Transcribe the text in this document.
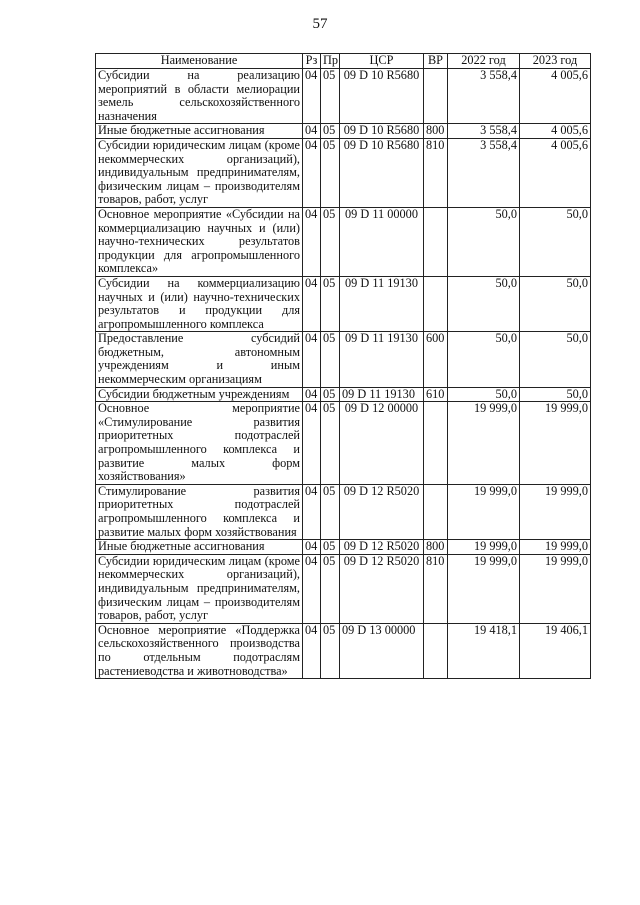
57
Наименование	Рз	Пр	ЦСР	ВР	2022 год	2023 год
Субсидии на реализацию мероприятий в области мелиорации земель сельскохозяйственного назначения	04	05	09 D 10 R5680		3 558,4	4 005,6
Иные бюджетные ассигнования	04	05	09 D 10 R5680	800	3 558,4	4 005,6
Субсидии юридическим лицам (кроме некоммерческих организаций), индивидуальным предпринимателям, физическим лицам – производителям товаров, работ, услуг	04	05	09 D 10 R5680	810	3 558,4	4 005,6
Основное мероприятие «Субсидии на коммерциализацию научных и (или) научно-технических результатов продукции для агропромышленного комплекса»	04	05	09 D 11 00000		50,0	50,0
Субсидии на коммерциализацию научных и (или) научно-технических результатов и продукции для агропромышленного комплекса	04	05	09 D 11 19130		50,0	50,0
Предоставление субсидий бюджетным, автономным учреждениям и иным некоммерческим организациям	04	05	09 D 11 19130	600	50,0	50,0
Субсидии бюджетным учреждениям	04	05	09 D 11 19130	610	50,0	50,0
Основное мероприятие «Стимулирование развития приоритетных подотраслей агропромышленного комплекса и развитие малых форм хозяйствования»	04	05	09 D 12 00000		19 999,0	19 999,0
Стимулирование развития приоритетных подотраслей агропромышленного комплекса и развитие малых форм хозяйствования	04	05	09 D 12 R5020		19 999,0	19 999,0
Иные бюджетные ассигнования	04	05	09 D 12 R5020	800	19 999,0	19 999,0
Субсидии юридическим лицам (кроме некоммерческих организаций), индивидуальным предпринимателям, физическим лицам – производителям товаров, работ, услуг	04	05	09 D 12 R5020	810	19 999,0	19 999,0
Основное мероприятие «Поддержка сельскохозяйственного производства по отдельным подотраслям растениеводства и животноводства»	04	05	09 D 13 00000		19 418,1	19 406,1
